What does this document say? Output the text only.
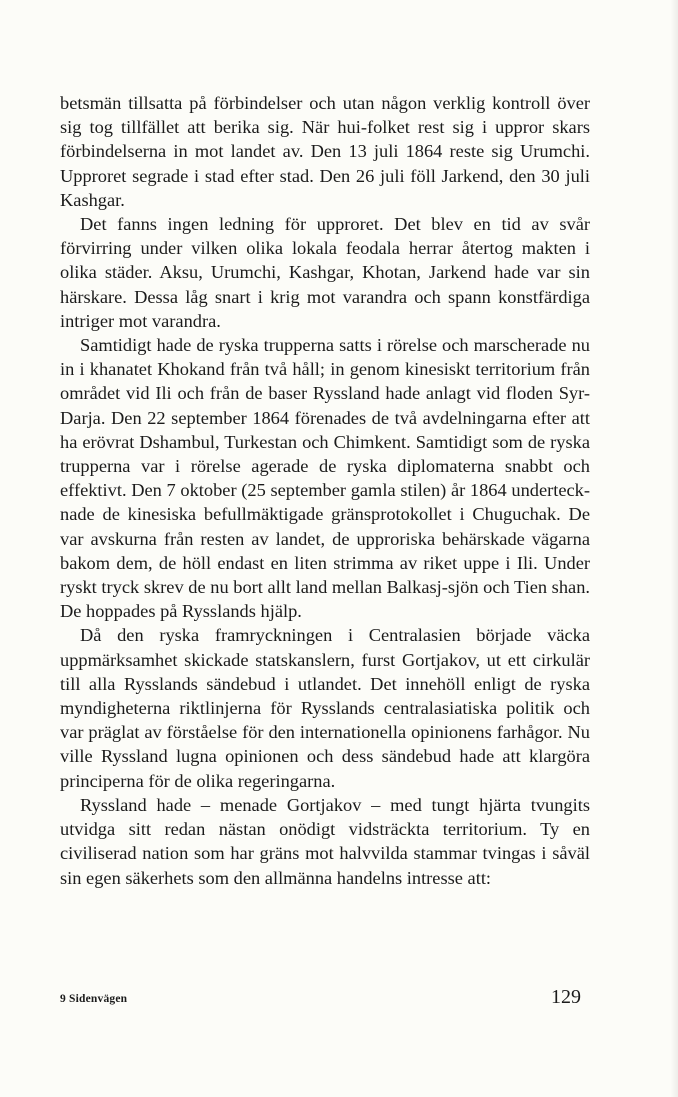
betsmän tillsatta på förbindelser och utan någon verklig kontroll över sig tog tillfället att berika sig. När hui-folket rest sig i uppror skars förbindelserna in mot landet av. Den 13 juli 1864 reste sig Urumchi. Upproret segrade i stad efter stad. Den 26 juli föll Jarkend, den 30 juli Kashgar.

Det fanns ingen ledning för upproret. Det blev en tid av svår förvirring under vilken olika lokala feodala herrar återtog makten i olika städer. Aksu, Urumchi, Kashgar, Khotan, Jarkend hade var sin härskare. Dessa låg snart i krig mot varandra och spann konstfärdiga intriger mot varandra.

Samtidigt hade de ryska trupperna satts i rörelse och marscherade nu in i khanatet Khokand från två håll; in genom kinesiskt territorium från området vid Ili och från de baser Ryssland hade anlagt vid floden Syr-Darja. Den 22 september 1864 förenades de två avdelningarna efter att ha erövrat Dshambul, Turkestan och Chimkent. Samtidigt som de ryska trupperna var i rörelse agerade de ryska diplomaterna snabbt och effektivt. Den 7 oktober (25 september gamla stilen) år 1864 undertecknade de kinesiska befullmäktigade gränsprotokollet i Chuguchak. De var avskurna från resten av landet, de upproriska behärskade vägarna bakom dem, de höll endast en liten strimma av riket uppe i Ili. Under ryskt tryck skrev de nu bort allt land mellan Balkasj-sjön och Tien shan. De hoppades på Rysslands hjälp.

Då den ryska framryckningen i Centralasien började väcka uppmärksamhet skickade statskanslern, furst Gortjakov, ut ett cirkulär till alla Rysslands sändebud i utlandet. Det innehöll enligt de ryska myndigheterna riktlinjerna för Rysslands centralasiatiska politik och var präglat av förståelse för den internationella opinionens farhågor. Nu ville Ryssland lugna opinionen och dess sändebud hade att klargöra principerna för de olika regeringarna.

Ryssland hade – menade Gortjakov – med tungt hjärta tvungits utvidga sitt redan nästan onödigt vidsträckta territorium. Ty en civiliserad nation som har gräns mot halvvilda stammar tvingas i såväl sin egen säkerhets som den allmänna handelns intresse att:

9 Sidenvägen	129
